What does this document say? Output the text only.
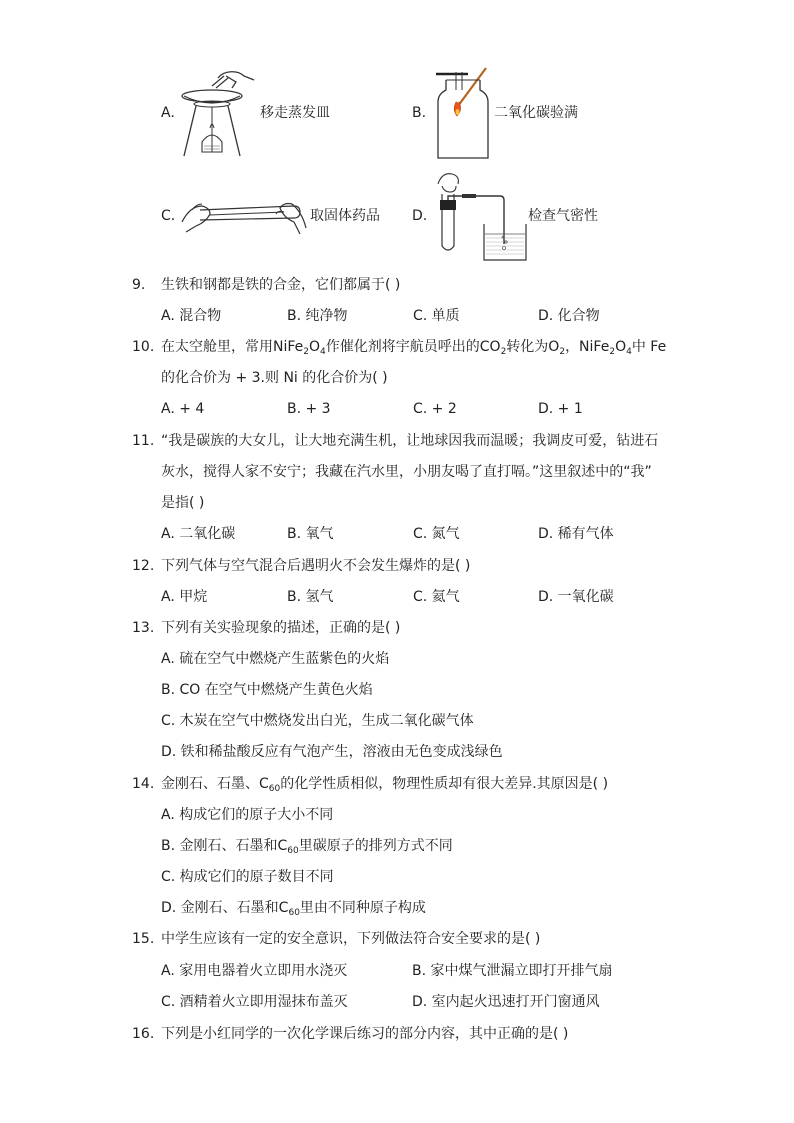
A.	移走蒸发皿	B.	二氧化碳验满
C.	取固体药品 D.	检查气密性
9. 生铁和钢都是铁的合金，它们都属于( )
A. 混合物	B. 纯净物	C. 单质	D. 化合物
10. 在太空舱里，常用$NiFe_2O_4$作催化剂将宇航员呼出的$CO_2$转化为$O_2$，$NiFe_2O_4$中 Fe
的化合价为 + 3.则 Ni 的化合价为( )
A. + 4	B. + 3	C. + 2	D. + 1
11. “我是碳族的大女儿，让大地充满生机，让地球因我而温暖；我调皮可爱，钻进石
灰水，搅得人家不安宁；我藏在汽水里，小朋友喝了直打嗝。”这里叙述中的“我”
是指( )
A. 二氧化碳	B. 氧气	C. 氮气	D. 稀有气体
12. 下列气体与空气混合后遇明火不会发生爆炸的是( )
A. 甲烷	B. 氢气	C. 氦气	D. 一氧化碳
13. 下列有关实验现象的描述，正确的是( )
A. 硫在空气中燃烧产生蓝紫色的火焰
B. CO 在空气中燃烧产生黄色火焰
C. 木炭在空气中燃烧发出白光，生成二氧化碳气体
D. 铁和稀盐酸反应有气泡产生，溶液由无色变成浅绿色
14. 金刚石、石墨、$C_{60}$的化学性质相似，物理性质却有很大差异.其原因是( )
A. 构成它们的原子大小不同
B. 金刚石、石墨和$C_{60}$里碳原子的排列方式不同
C. 构成它们的原子数目不同
D. 金刚石、石墨和$C_{60}$里由不同种原子构成
15. 中学生应该有一定的安全意识，下列做法符合安全要求的是( )
A. 家用电器着火立即用水浇灭	B. 家中煤气泄漏立即打开排气扇
C. 酒精着火立即用湿抹布盖灭	D. 室内起火迅速打开门窗通风
16. 下列是小红同学的一次化学课后练习的部分内容，其中正确的是( )
